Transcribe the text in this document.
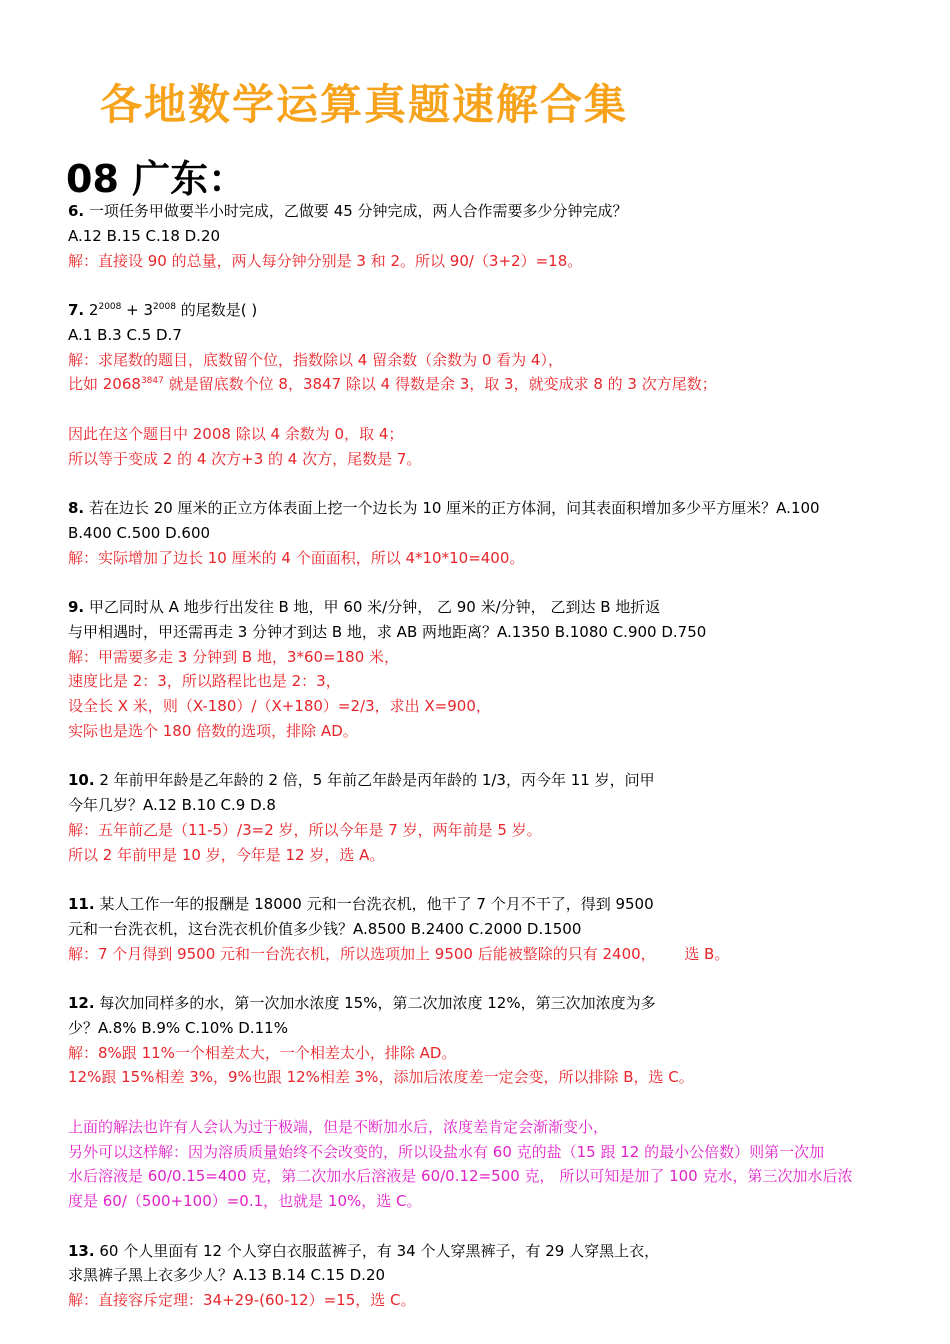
各地数学运算真题速解合集
08 广东：
6. 一项任务甲做要半小时完成，乙做要 45 分钟完成，两人合作需要多少分钟完成？
A.12 B.15 C.18 D.20
解：直接设 90 的总量，两人每分钟分别是 3 和 2。所以 90/（3+2）=18。
7. $2^{2008} + 3^{2008}$ 的尾数是( )
A.1 B.3 C.5 D.7
解：求尾数的题目，底数留个位，指数除以 4 留余数（余数为 0 看为 4），
比如 $2068^{3847}$ 就是留底数个位 8，3847 除以 4 得数是余 3，取 3，就变成求 8 的 3 次方尾数；
因此在这个题目中 2008 除以 4 余数为 0，取 4；
所以等于变成 2 的 4 次方+3 的 4 次方，尾数是 7。
8. 若在边长 20 厘米的正立方体表面上挖一个边长为 10 厘米的正方体洞，问其表面积增加多少平方厘米？A.100
B.400 C.500 D.600
解：实际增加了边长 10 厘米的 4 个面面积，所以 4*10*10=400。
9. 甲乙同时从 A 地步行出发往 B 地，甲 60 米/分钟， 乙 90 米/分钟， 乙到达 B 地折返
与甲相遇时，甲还需再走 3 分钟才到达 B 地，求 AB 两地距离？A.1350 B.1080 C.900 D.750
解：甲需要多走 3 分钟到 B 地，3*60=180 米，
速度比是 2：3，所以路程比也是 2：3，
设全长 X 米，则（X-180）/（X+180）=2/3，求出 X=900，
实际也是选个 180 倍数的选项，排除 AD。
10. 2 年前甲年龄是乙年龄的 2 倍，5 年前乙年龄是丙年龄的 1/3，丙今年 11 岁，问甲
今年几岁？A.12 B.10 C.9 D.8
解：五年前乙是（11-5）/3=2 岁，所以今年是 7 岁，两年前是 5 岁。
所以 2 年前甲是 10 岁，今年是 12 岁，选 A。
11. 某人工作一年的报酬是 18000 元和一台洗衣机，他干了 7 个月不干了，得到 9500
元和一台洗衣机，这台洗衣机价值多少钱？A.8500 B.2400 C.2000 D.1500
解：7 个月得到 9500 元和一台洗衣机，所以选项加上 9500 后能被整除的只有 2400，      选 B。
12. 每次加同样多的水，第一次加水浓度 15%，第二次加浓度 12%，第三次加浓度为多
少？A.8% B.9% C.10% D.11%
解：8%跟 11%一个相差太大，一个相差太小，排除 AD。
12%跟 15%相差 3%，9%也跟 12%相差 3%，添加后浓度差一定会变，所以排除 B，选 C。
上面的解法也许有人会认为过于极端，但是不断加水后，浓度差肯定会渐渐变小，
另外可以这样解：因为溶质质量始终不会改变的，所以设盐水有 60 克的盐（15 跟 12 的最小公倍数）则第一次加
水后溶液是 60/0.15=400 克，第二次加水后溶液是 60/0.12=500 克， 所以可知是加了 100 克水，第三次加水后浓
度是 60/（500+100）=0.1，也就是 10%，选 C。
13. 60 个人里面有 12 个人穿白衣服蓝裤子，有 34 个人穿黑裤子，有 29 人穿黑上衣，
求黑裤子黑上衣多少人？A.13 B.14 C.15 D.20
解：直接容斥定理：34+29-(60-12）=15，选 C。
